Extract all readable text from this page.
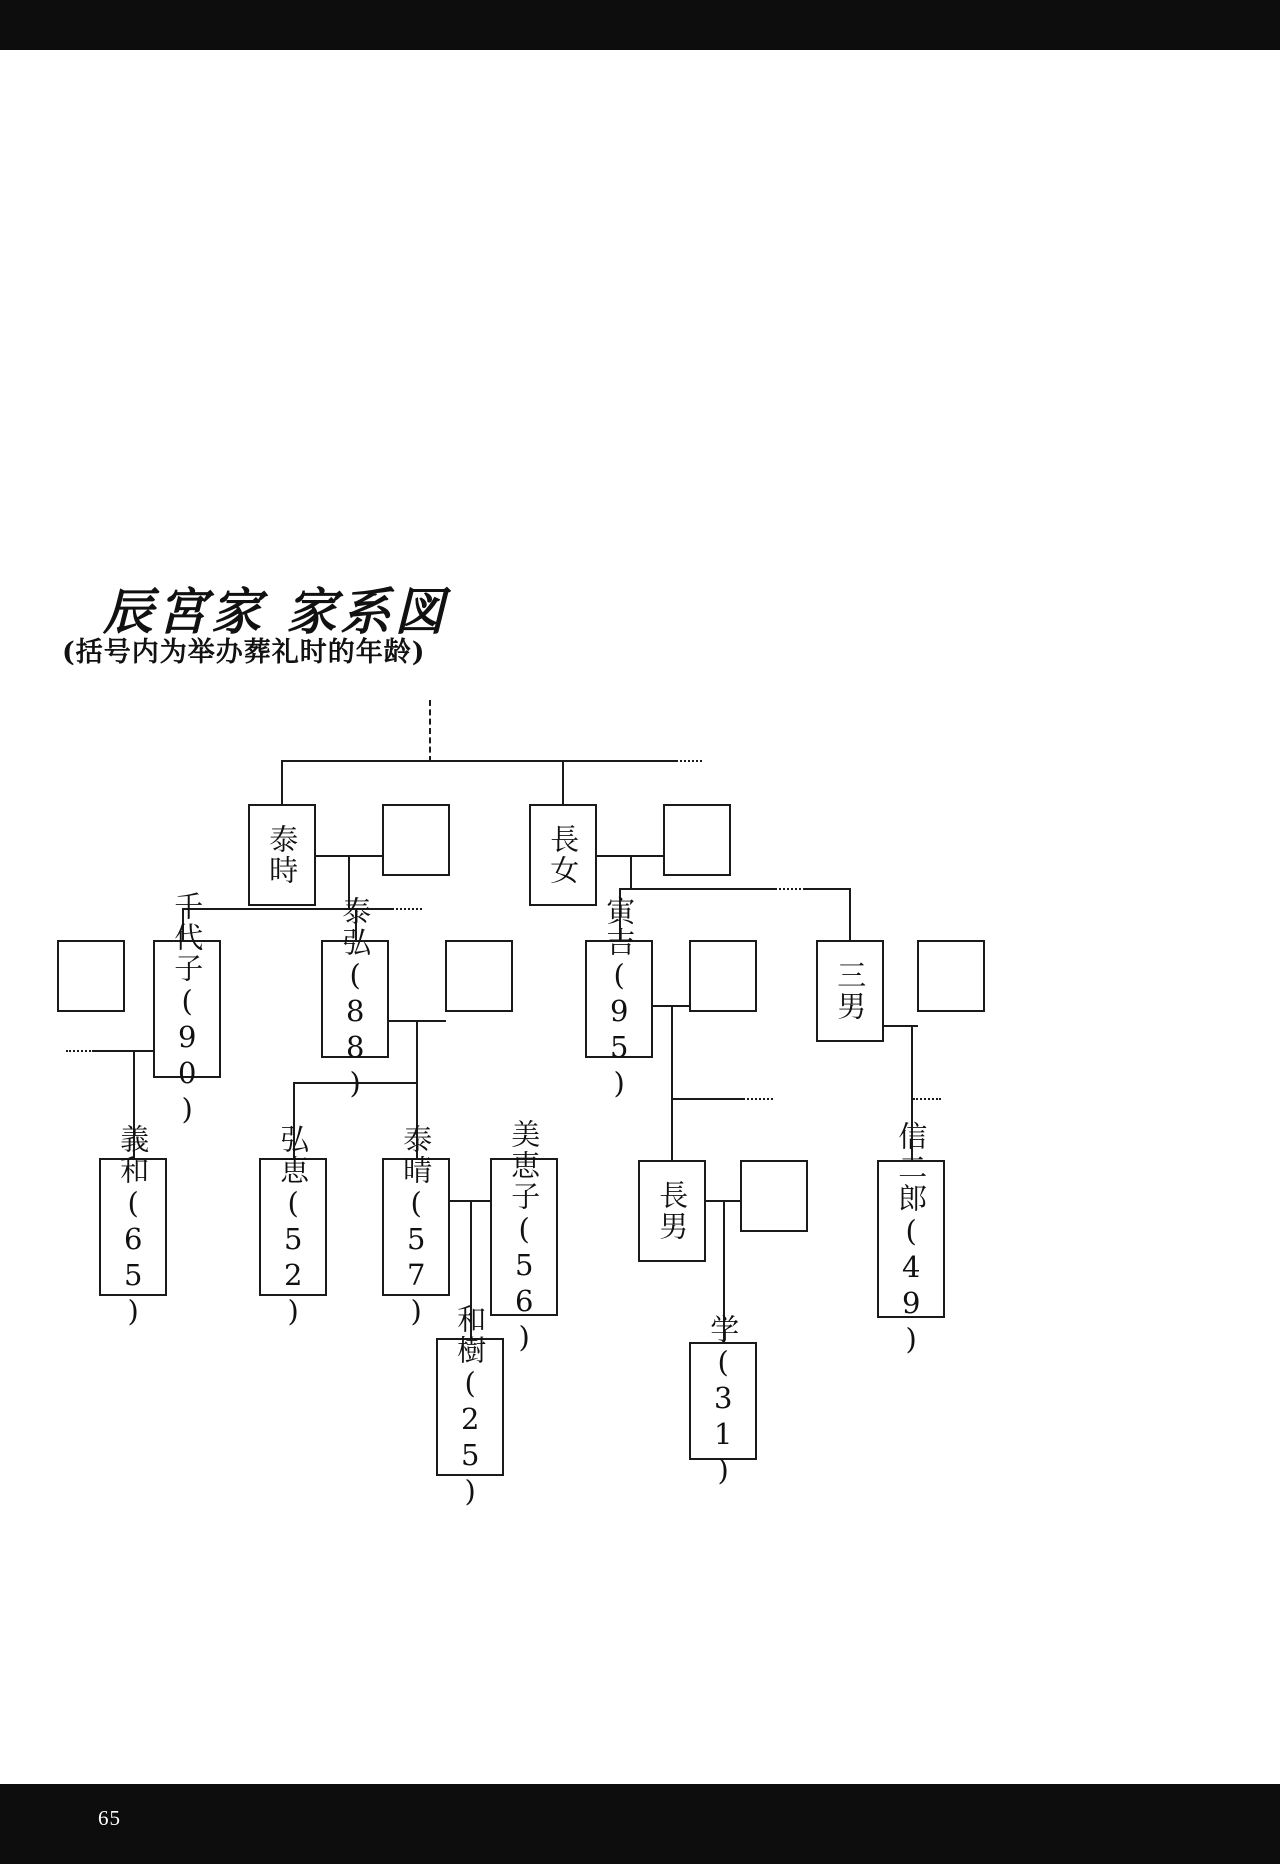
65
辰宮家 家系図
(括号内为举办葬礼时的年龄)
泰時	長女
千代子(90)	泰弘(88)	寅吉(95)	三男
義和(65)	弘恵(52)	泰晴(57)	美恵子(56)	長男	信二郎(49)
和樹(25)	学(31)
